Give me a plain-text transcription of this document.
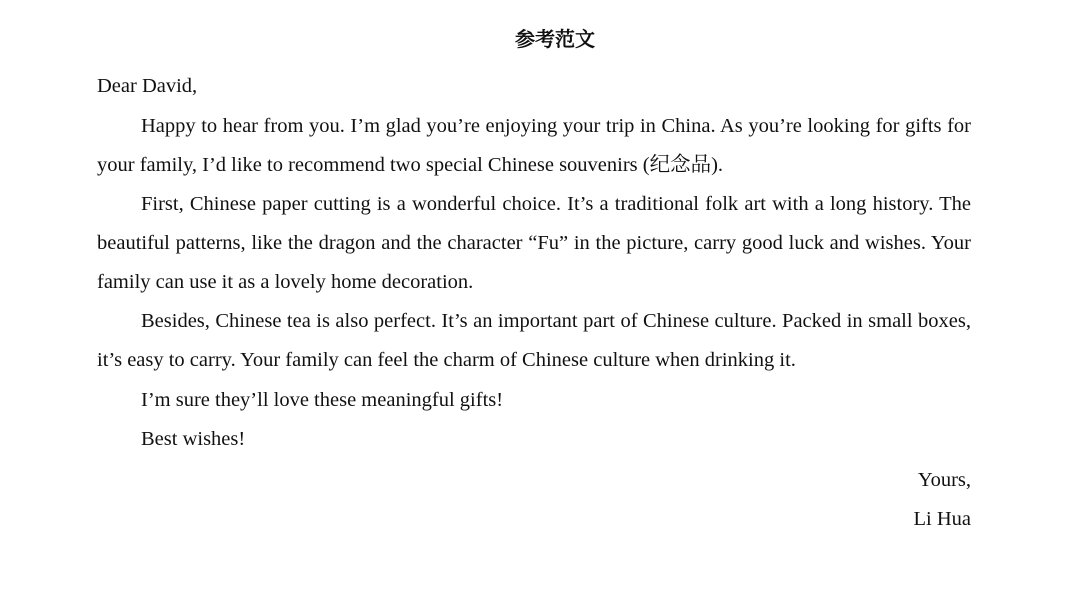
参考范文
Dear David,
Happy to hear from you. I’m glad you’re enjoying your trip in China. As you’re looking for gifts for your family, I’d like to recommend two special Chinese souvenirs (纪念品).
First, Chinese paper cutting is a wonderful choice. It’s a traditional folk art with a long history. The beautiful patterns, like the dragon and the character “Fu” in the picture, carry good luck and wishes. Your family can use it as a lovely home decoration.
Besides, Chinese tea is also perfect. It’s an important part of Chinese culture. Packed in small boxes, it’s easy to carry. Your family can feel the charm of Chinese culture when drinking it.
I’m sure they’ll love these meaningful gifts!
Best wishes!
Yours,
Li Hua
